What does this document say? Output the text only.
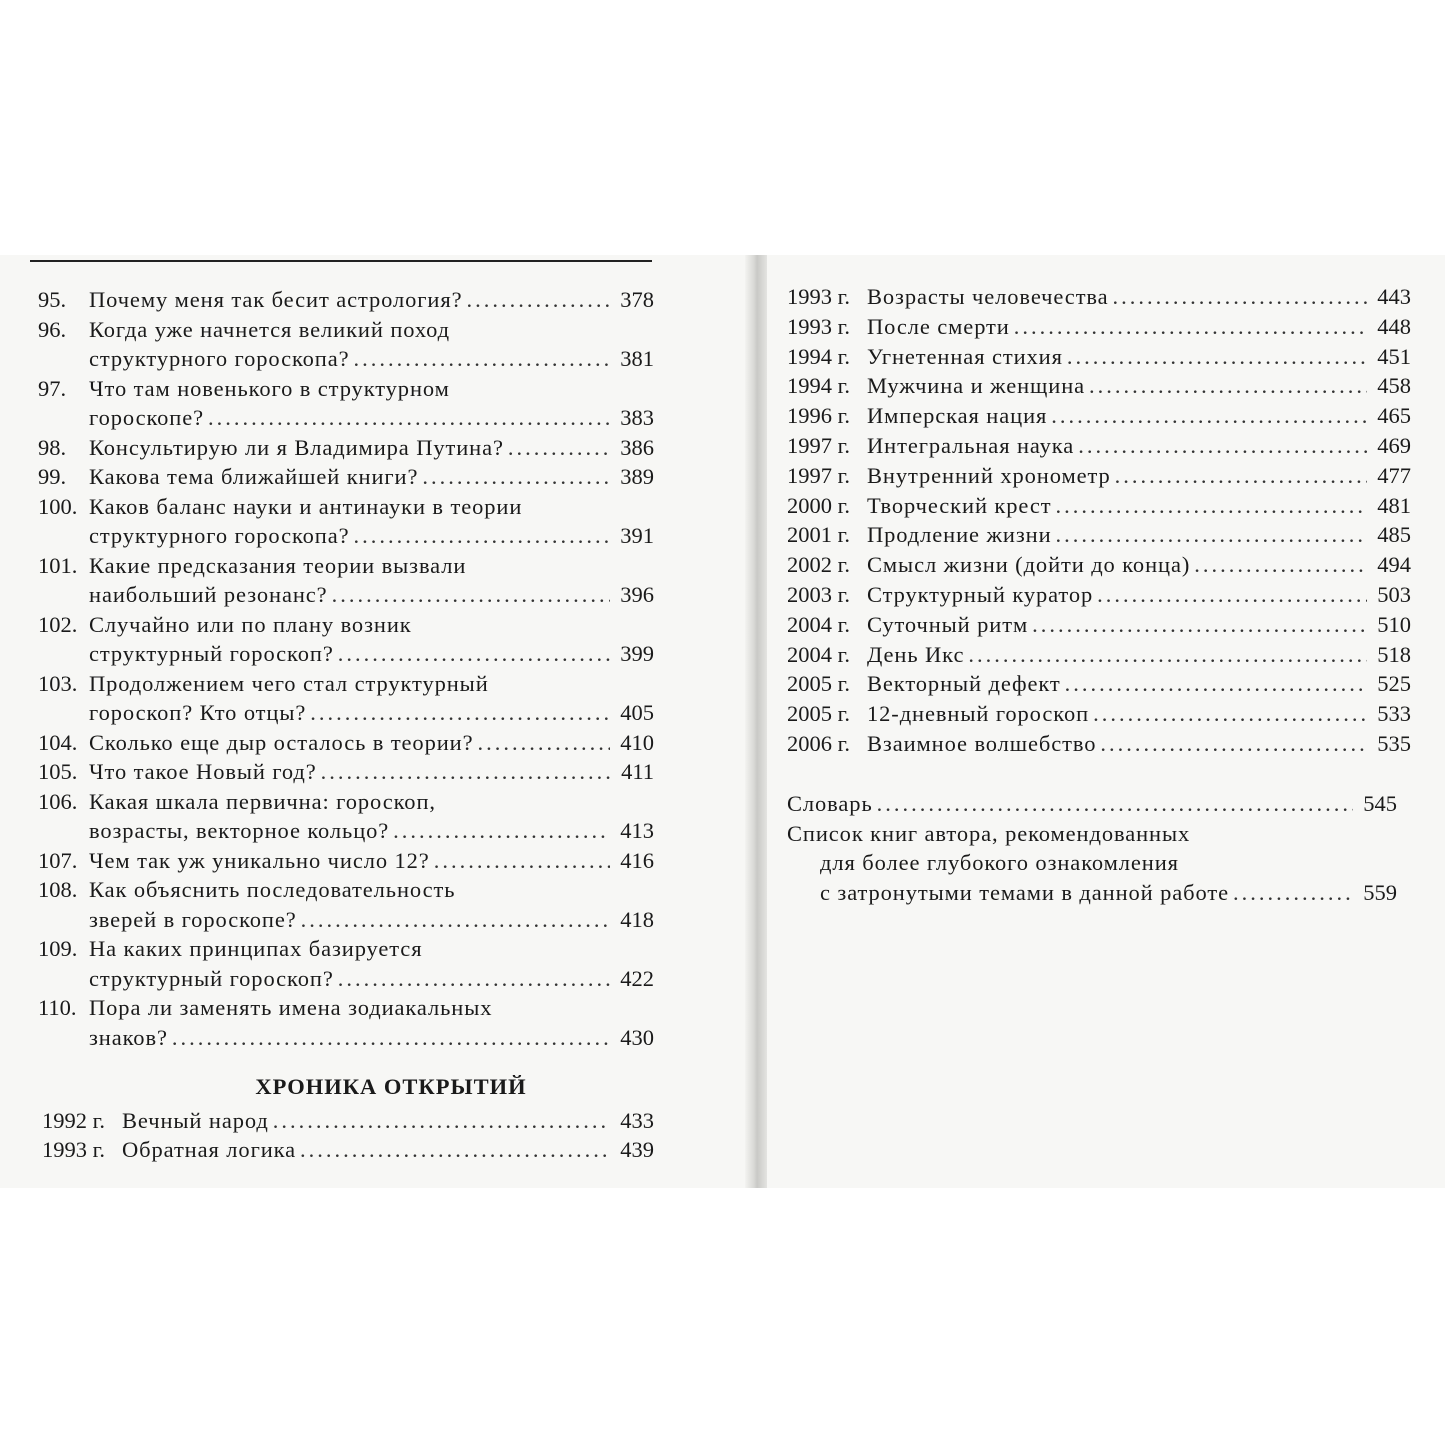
95.	Почему меня так бесит астрология? .....	378
96.	Когда уже начнется великий поход
структурного гороскопа? .....	381
97.	Что там новенького в структурном
гороскопе? .....	383
98.	Консультирую ли я Владимира Путина? .....	386
99.	Какова тема ближайшей книги? .....	389
100. Каков баланс науки и антинауки в теории
структурного гороскопа? .....	391
101. Какие предсказания теории вызвали
наибольший резонанс? .....	396
102. Случайно или по плану возник
структурный гороскоп? .....	399
103. Продолжением чего стал структурный
гороскоп? Кто отцы? .....	405
104. Сколько еще дыр осталось в теории? .....	410
105. Что такое Новый год? .....	411
106. Какая шкала первична: гороскоп,
возрасты, векторное кольцо? .....	413
107. Чем так уж уникально число 12? .....	416
108. Как объяснить последовательность
зверей в гороскопе? .....	418
109. На каких принципах базируется
структурный гороскоп? .....	422
110. Пора ли заменять имена зодиакальных
знаков? .....	430
ХРОНИКА ОТКРЫТИЙ
1992 г. Вечный народ .....	433
1993 г. Обратная логика .....	439
1993 г. Возрасты человечества .....	443
1993 г. После смерти .....	448
1994 г. Угнетенная стихия .....	451
1994 г. Мужчина и женщина .....	458
1996 г. Имперская нация .....	465
1997 г. Интегральная наука .....	469
1997 г. Внутренний хронометр .....	477
2000 г. Творческий крест .....	481
2001 г. Продление жизни .....	485
2002 г. Смысл жизни (дойти до конца) .....	494
2003 г. Структурный куратор .....	503
2004 г. Суточный ритм .....	510
2004 г. День Икс .....	518
2005 г. Векторный дефект .....	525
2005 г. 12-дневный гороскоп .....	533
2006 г. Взаимное волшебство .....	535
Словарь .....	545
Список книг автора, рекомендованных
для более глубокого ознакомления
с затронутыми темами в данной работе .....	559
